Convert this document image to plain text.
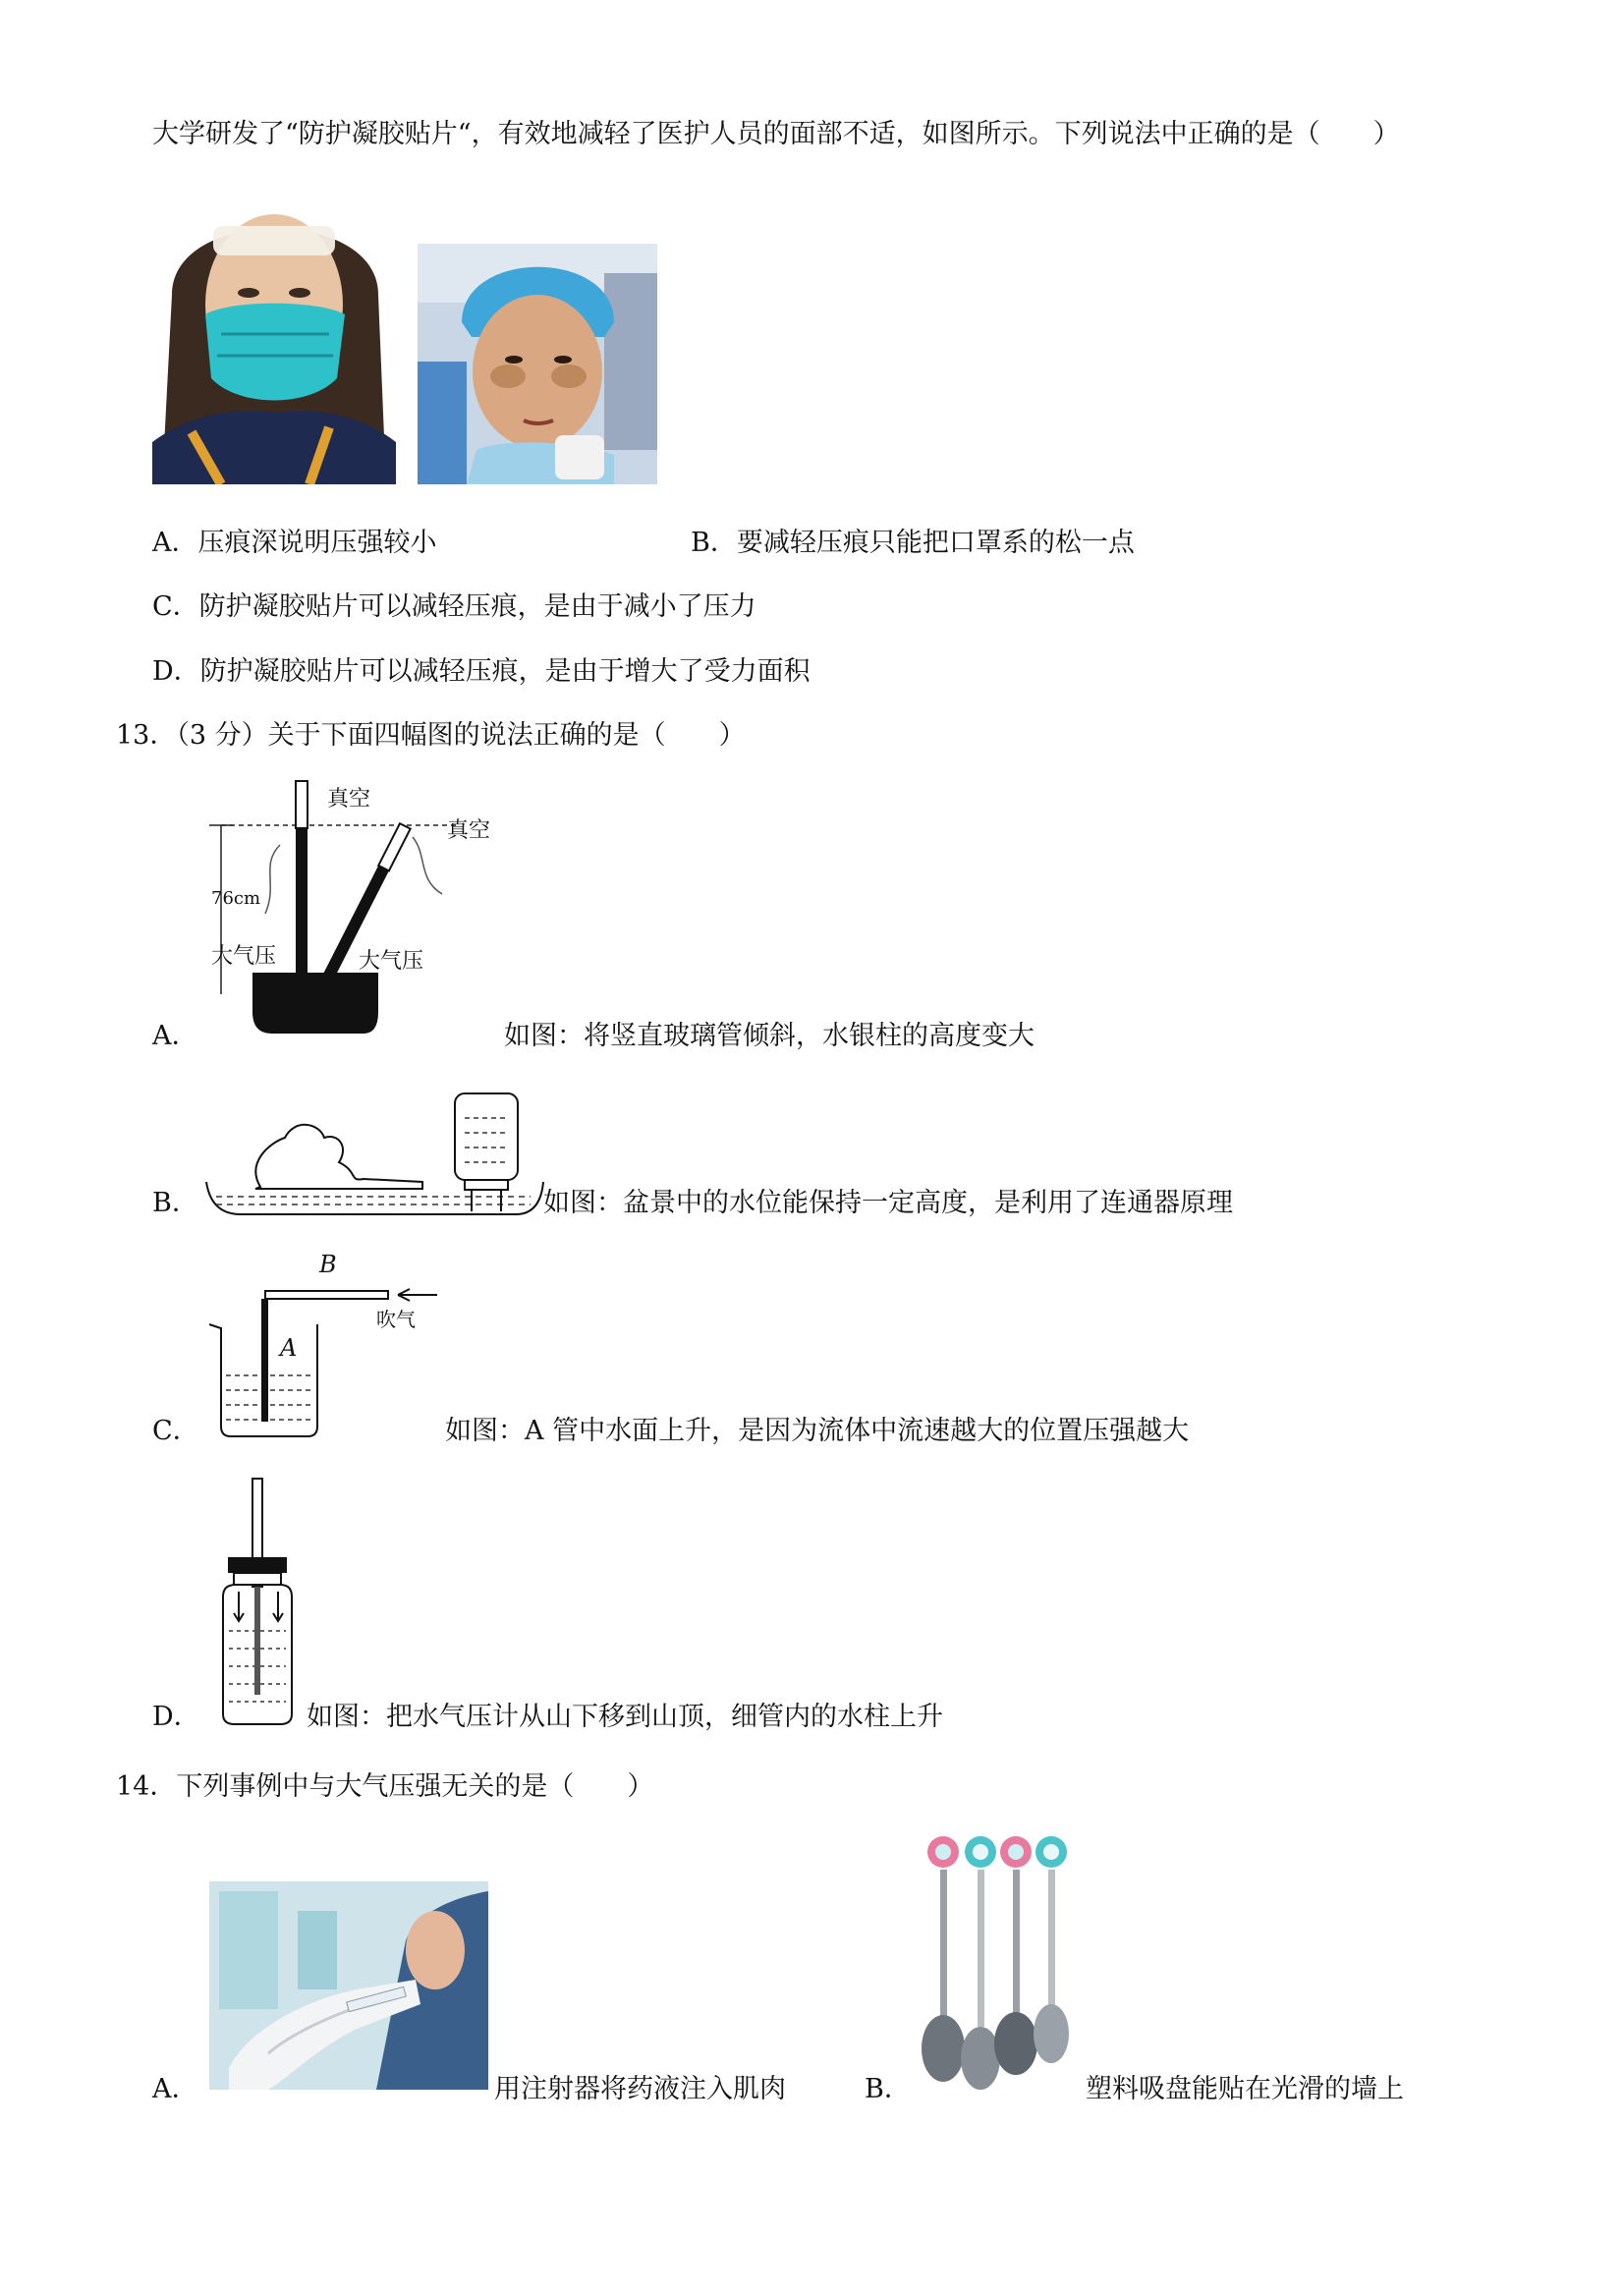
大学研发了“防护凝胶贴片“，有效地减轻了医护人员的面部不适，如图所示。下列说法中正确的是（　　）
A．压痕深说明压强较小	B．要减轻压痕只能把口罩系的松一点
C．防护凝胶贴片可以减轻压痕，是由于减小了压力
D．防护凝胶贴片可以减轻压痕，是由于增大了受力面积
13．（3 分）关于下面四幅图的说法正确的是（　　）
真空
真空
76cm
大气压	大气压
A．	如图：将竖直玻璃管倾斜，水银柱的高度变大
B．	如图：盆景中的水位能保持一定高度，是利用了连通器原理
B
吹气
A
C．	如图：A 管中水面上升，是因为流体中流速越大的位置压强越大
D．	如图：把水气压计从山下移到山顶，细管内的水柱上升
14．下列事例中与大气压强无关的是（　　）
A．	用注射器将药液注入肌肉	B．	塑料吸盘能贴在光滑的墙上
